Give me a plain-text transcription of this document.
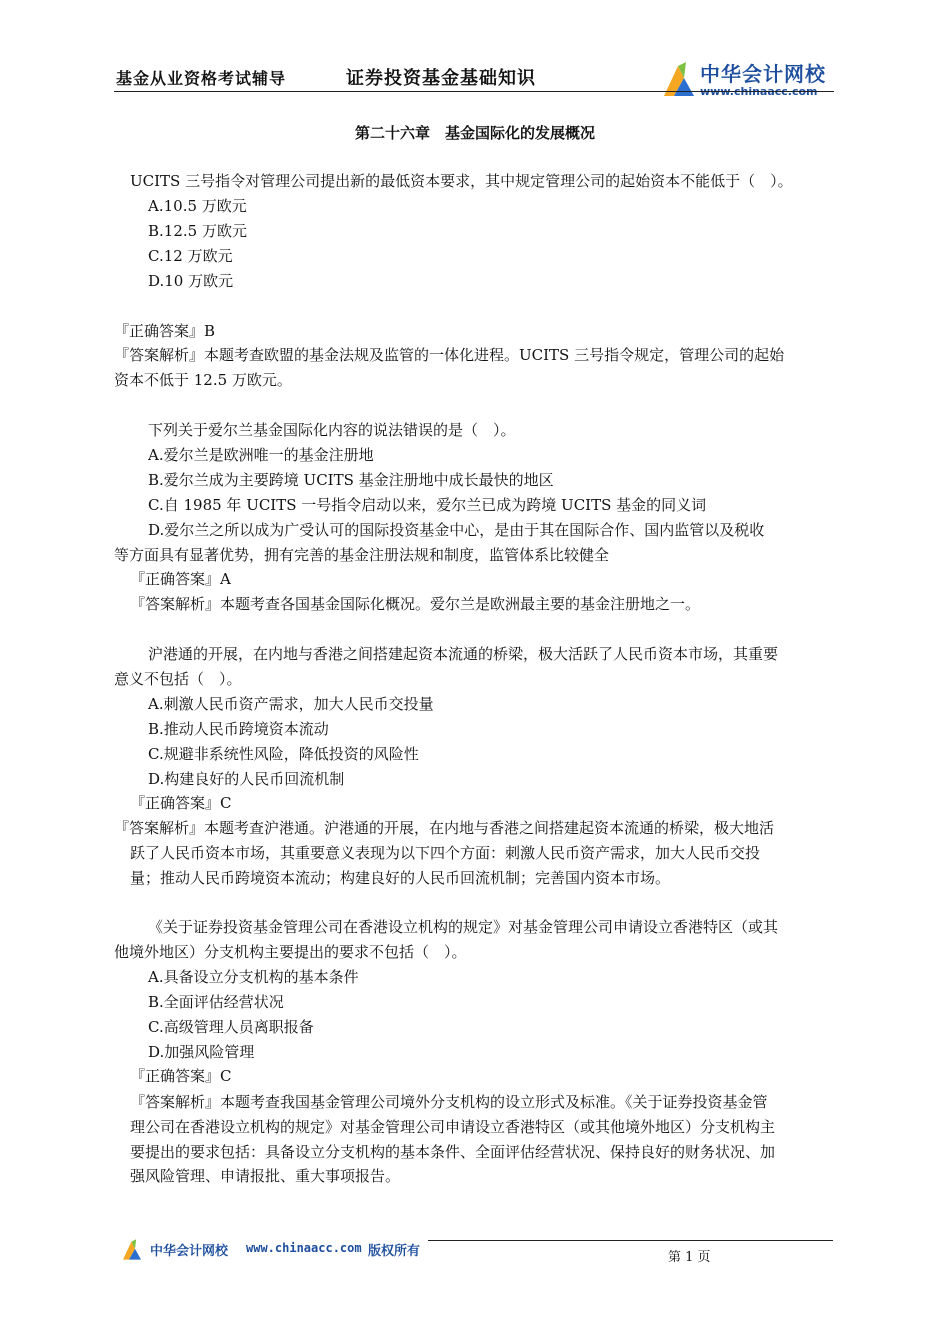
基金从业资格考试辅导	证券投资基金基础知识	中华会计网校
www.chinaacc.com
第二十六章　基金国际化的发展概况
UCITS 三号指令对管理公司提出新的最低资本要求，其中规定管理公司的起始资本不能低于（　）。
A.10.5 万欧元
B.12.5 万欧元
C.12 万欧元
D.10 万欧元
『正确答案』B
『答案解析』本题考查欧盟的基金法规及监管的一体化进程。UCITS 三号指令规定，管理公司的起始
资本不低于 12.5 万欧元。
下列关于爱尔兰基金国际化内容的说法错误的是（　）。
A.爱尔兰是欧洲唯一的基金注册地
B.爱尔兰成为主要跨境 UCITS 基金注册地中成长最快的地区
C.自 1985 年 UCITS 一号指令启动以来，爱尔兰已成为跨境 UCITS 基金的同义词
D.爱尔兰之所以成为广受认可的国际投资基金中心，是由于其在国际合作、国内监管以及税收
等方面具有显著优势，拥有完善的基金注册法规和制度，监管体系比较健全
『正确答案』A
『答案解析』本题考查各国基金国际化概况。爱尔兰是欧洲最主要的基金注册地之一。
沪港通的开展，在内地与香港之间搭建起资本流通的桥梁，极大活跃了人民币资本市场，其重要
意义不包括（　）。
A.刺激人民币资产需求，加大人民币交投量
B.推动人民币跨境资本流动
C.规避非系统性风险，降低投资的风险性
D.构建良好的人民币回流机制
『正确答案』C
『答案解析』本题考查沪港通。沪港通的开展，在内地与香港之间搭建起资本流通的桥梁，极大地活
跃了人民币资本市场，其重要意义表现为以下四个方面：刺激人民币资产需求，加大人民币交投
量；推动人民币跨境资本流动；构建良好的人民币回流机制；完善国内资本市场。
《关于证券投资基金管理公司在香港设立机构的规定》对基金管理公司申请设立香港特区（或其
他境外地区）分支机构主要提出的要求不包括（　）。
A.具备设立分支机构的基本条件
B.全面评估经营状况
C.高级管理人员离职报备
D.加强风险管理
『正确答案』C
『答案解析』本题考查我国基金管理公司境外分支机构的设立形式及标准。《关于证券投资基金管
理公司在香港设立机构的规定》对基金管理公司申请设立香港特区（或其他境外地区）分支机构主
要提出的要求包括：具备设立分支机构的基本条件、全面评估经营状况、保持良好的财务状况、加
强风险管理、申请报批、重大事项报告。
中华会计网校 www.chinaacc.com 版权所有	第 1 页
